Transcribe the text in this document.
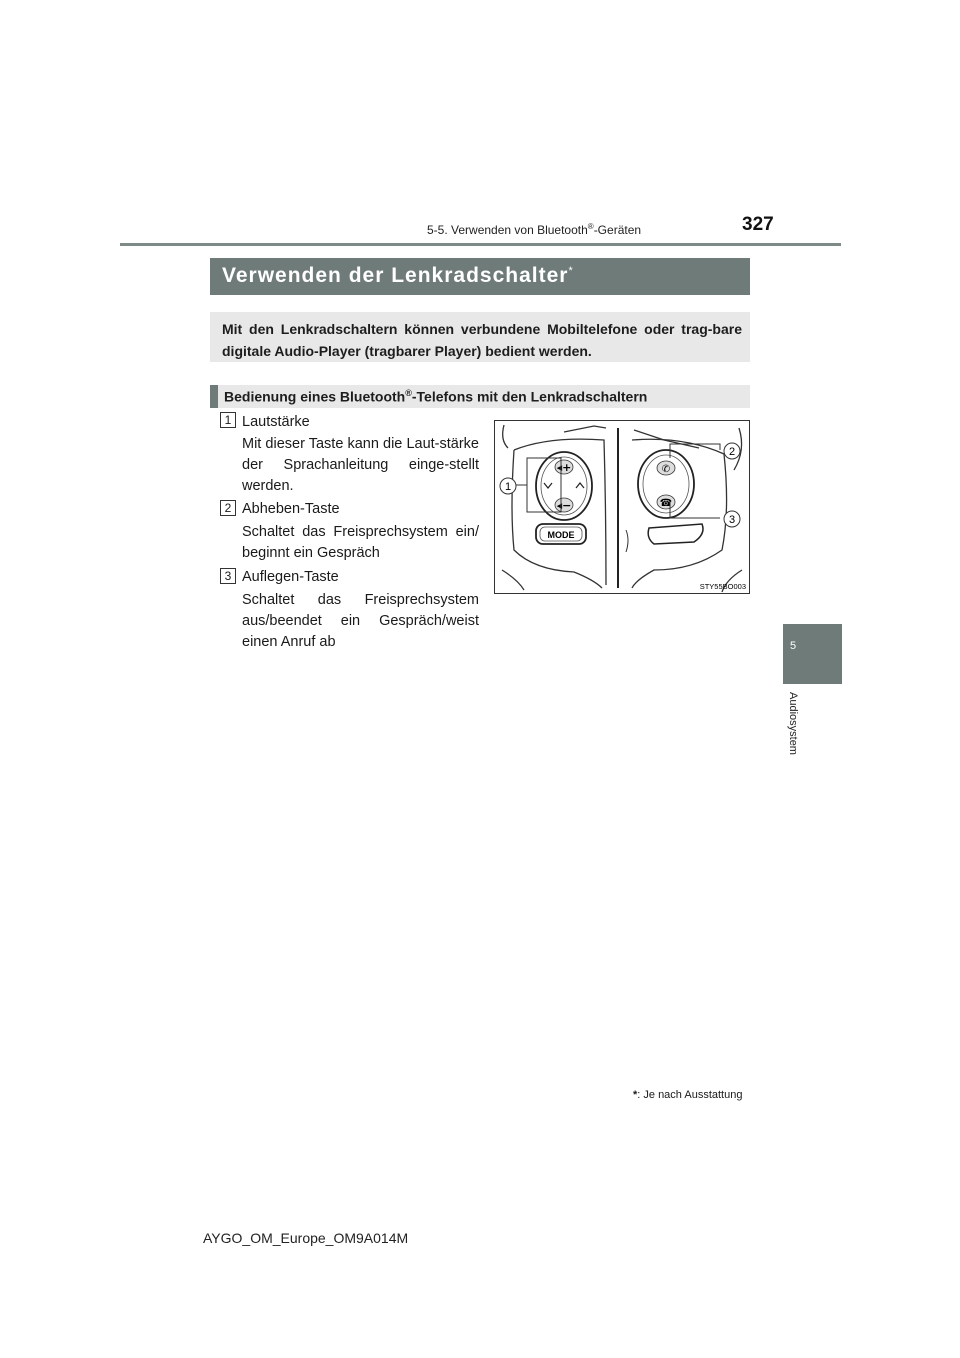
5-5. Verwenden von Bluetooth®-Geräten	327
5
Audiosystem
Verwenden der Lenkradschalter*
Mit den Lenkradschaltern können verbundene Mobiltelefone oder trag-bare digitale Audio-Player (tragbarer Player) bedient werden.
Bedienung eines Bluetooth®-Telefons mit den Lenkradschaltern
1 Lautstärke
Mit dieser Taste kann die Laut-stärke der Sprachanleitung einge-stellt werden.
2 Abheben-Taste
Schaltet das Freisprechsystem ein/ beginnt ein Gespräch
3 Auflegen-Taste
Schaltet das Freisprechsystem aus/beendet ein Gespräch/weist einen Anruf ab
◂+
◂−
MODE
✆
☎
1
2
3
STY55BO003
*: Je nach Ausstattung
AYGO_OM_Europe_OM9A014M
